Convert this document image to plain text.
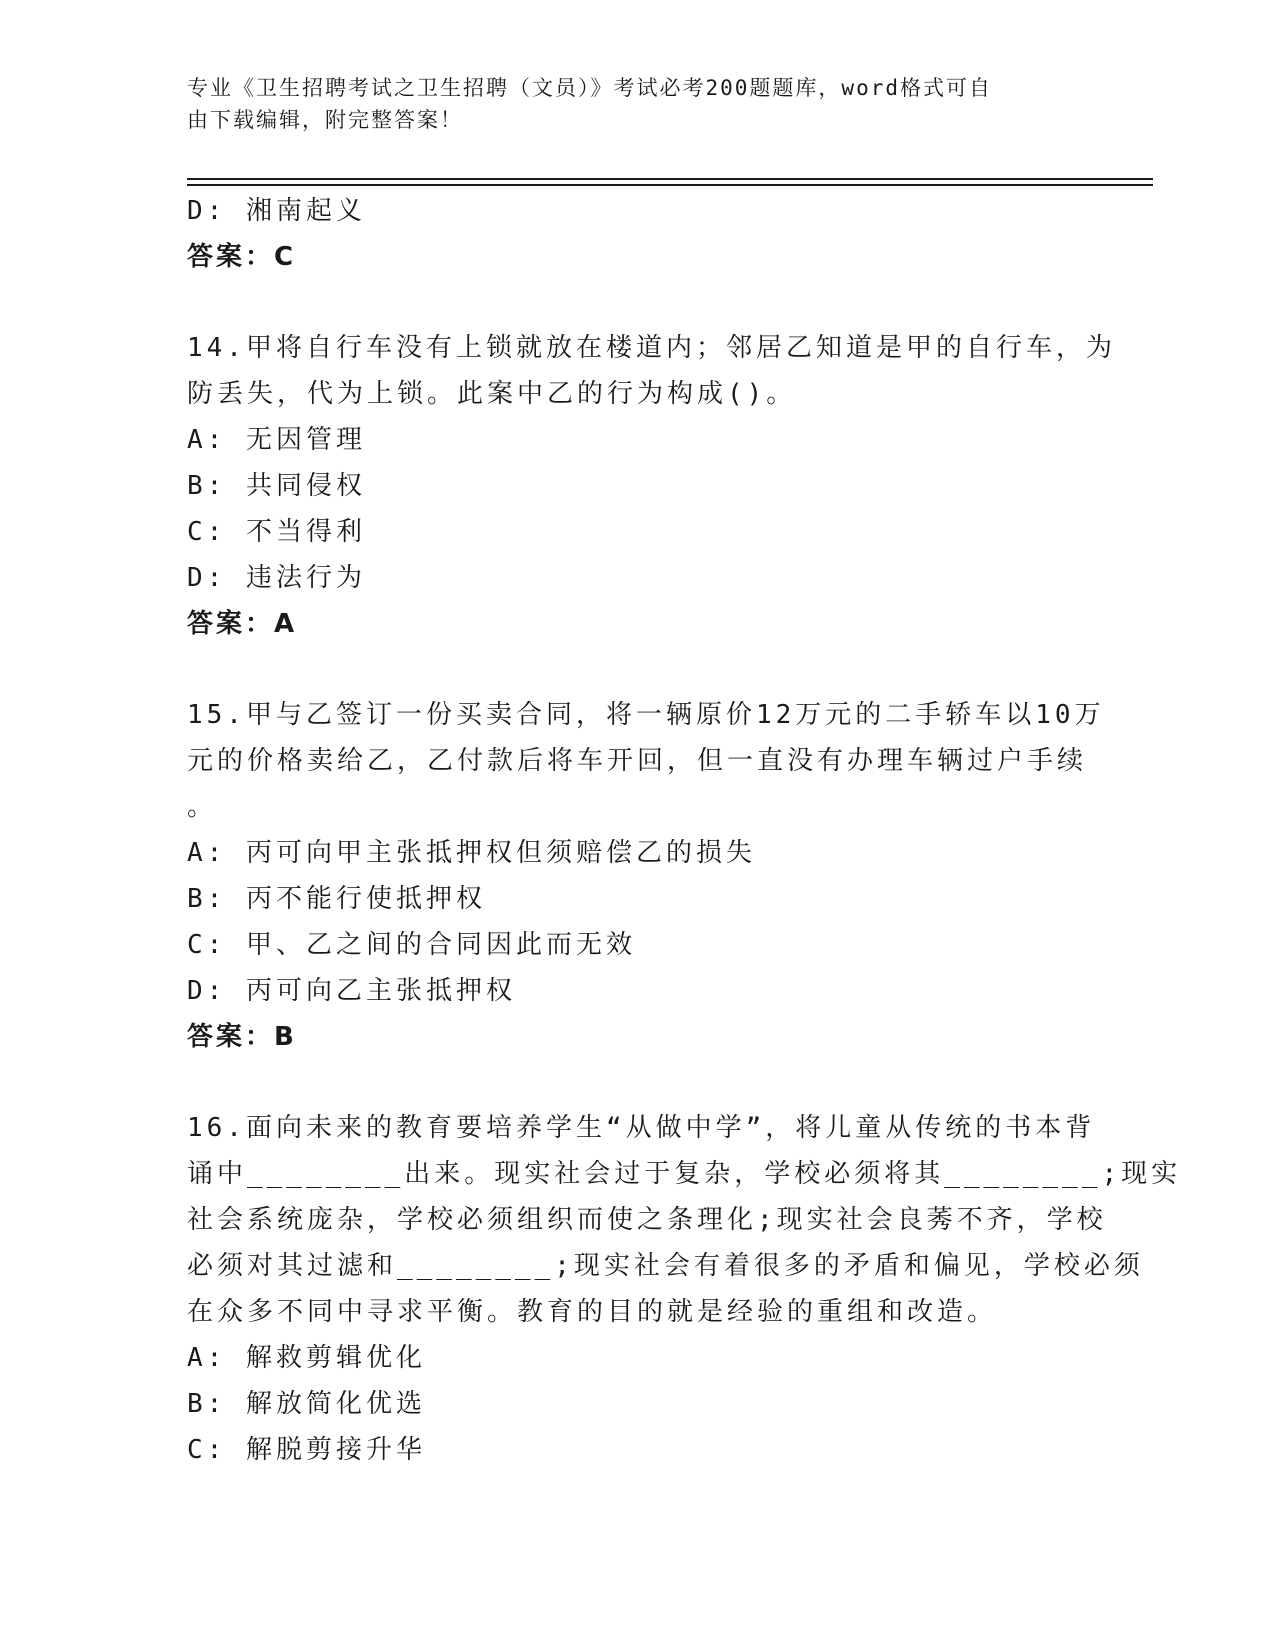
专业《卫生招聘考试之卫生招聘（文员）》考试必考200题题库，word格式可自
由下载编辑，附完整答案！
D: 湘南起义
答案：C
14.甲将自行车没有上锁就放在楼道内；邻居乙知道是甲的自行车，为
防丢失，代为上锁。此案中乙的行为构成()。
A: 无因管理
B: 共同侵权
C: 不当得利
D: 违法行为
答案：A
15.甲与乙签订一份买卖合同，将一辆原价12万元的二手轿车以10万
元的价格卖给乙，乙付款后将车开回，但一直没有办理车辆过户手续
。
A: 丙可向甲主张抵押权但须赔偿乙的损失
B: 丙不能行使抵押权
C: 甲、乙之间的合同因此而无效
D: 丙可向乙主张抵押权
答案：B
16.面向未来的教育要培养学生“从做中学”，将儿童从传统的书本背
诵中________出来。现实社会过于复杂，学校必须将其________;现实
社会系统庞杂，学校必须组织而使之条理化;现实社会良莠不齐，学校
必须对其过滤和________;现实社会有着很多的矛盾和偏见，学校必须
在众多不同中寻求平衡。教育的目的就是经验的重组和改造。
A: 解救剪辑优化
B: 解放简化优选
C: 解脱剪接升华
